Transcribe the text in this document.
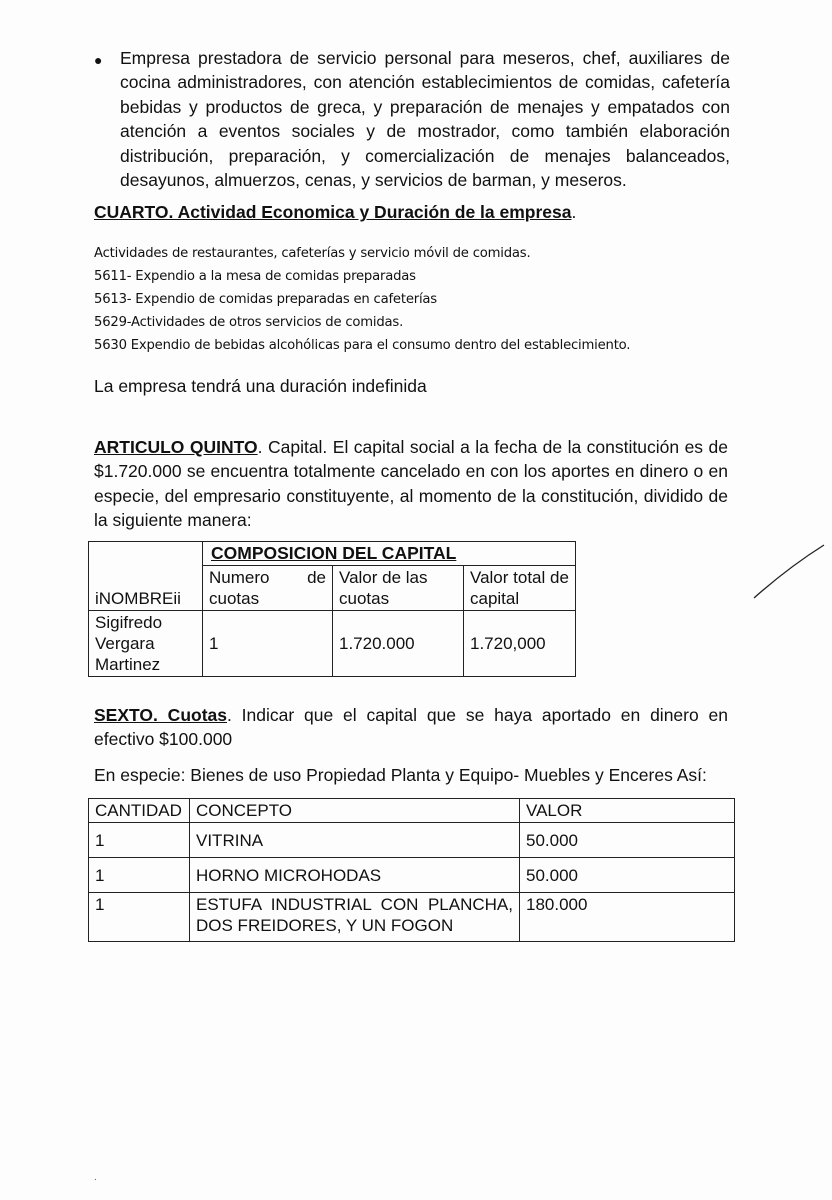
● Empresa prestadora de servicio personal para meseros, chef, auxiliares de cocina administradores, con atención establecimientos de comidas, cafetería bebidas y productos de greca, y preparación de menajes y empatados con atención a eventos sociales y de mostrador, como también elaboración distribución, preparación, y comercialización de menajes balanceados, desayunos, almuerzos, cenas, y servicios de barman, y meseros.
CUARTO. Actividad Economica y Duración de la empresa.
Actividades de restaurantes, cafeterías y servicio móvil de comidas.
5611- Expendio a la mesa de comidas preparadas
5613- Expendio de comidas preparadas en cafeterías
5629-Actividades de otros servicios de comidas.
5630 Expendio de bebidas alcohólicas para el consumo dentro del establecimiento.
La empresa tendrá una duración indefinida
ARTICULO QUINTO. Capital. El capital social a la fecha de la constitución es de $1.720.000 se encuentra totalmente cancelado en con los aportes en dinero o en especie, del empresario constituyente, al momento de la constitución, dividido de la siguiente manera:
iNOMBREii	COMPOSICION DEL CAPITAL		
	Numero de cuotas	Valor de las cuotas	Valor total de capital
Sigifredo Vergara Martinez	1	1.720.000	1.720,000
SEXTO. Cuotas. Indicar que el capital que se haya aportado en dinero en efectivo $100.000
En especie: Bienes de uso Propiedad Planta y Equipo- Muebles y Enceres Así:
CANTIDAD	CONCEPTO	VALOR
1	VITRINA	50.000
1	HORNO MICROHODAS	50.000
1	ESTUFA INDUSTRIAL CON PLANCHA, DOS FREIDORES, Y UN FOGON	180.000
.
